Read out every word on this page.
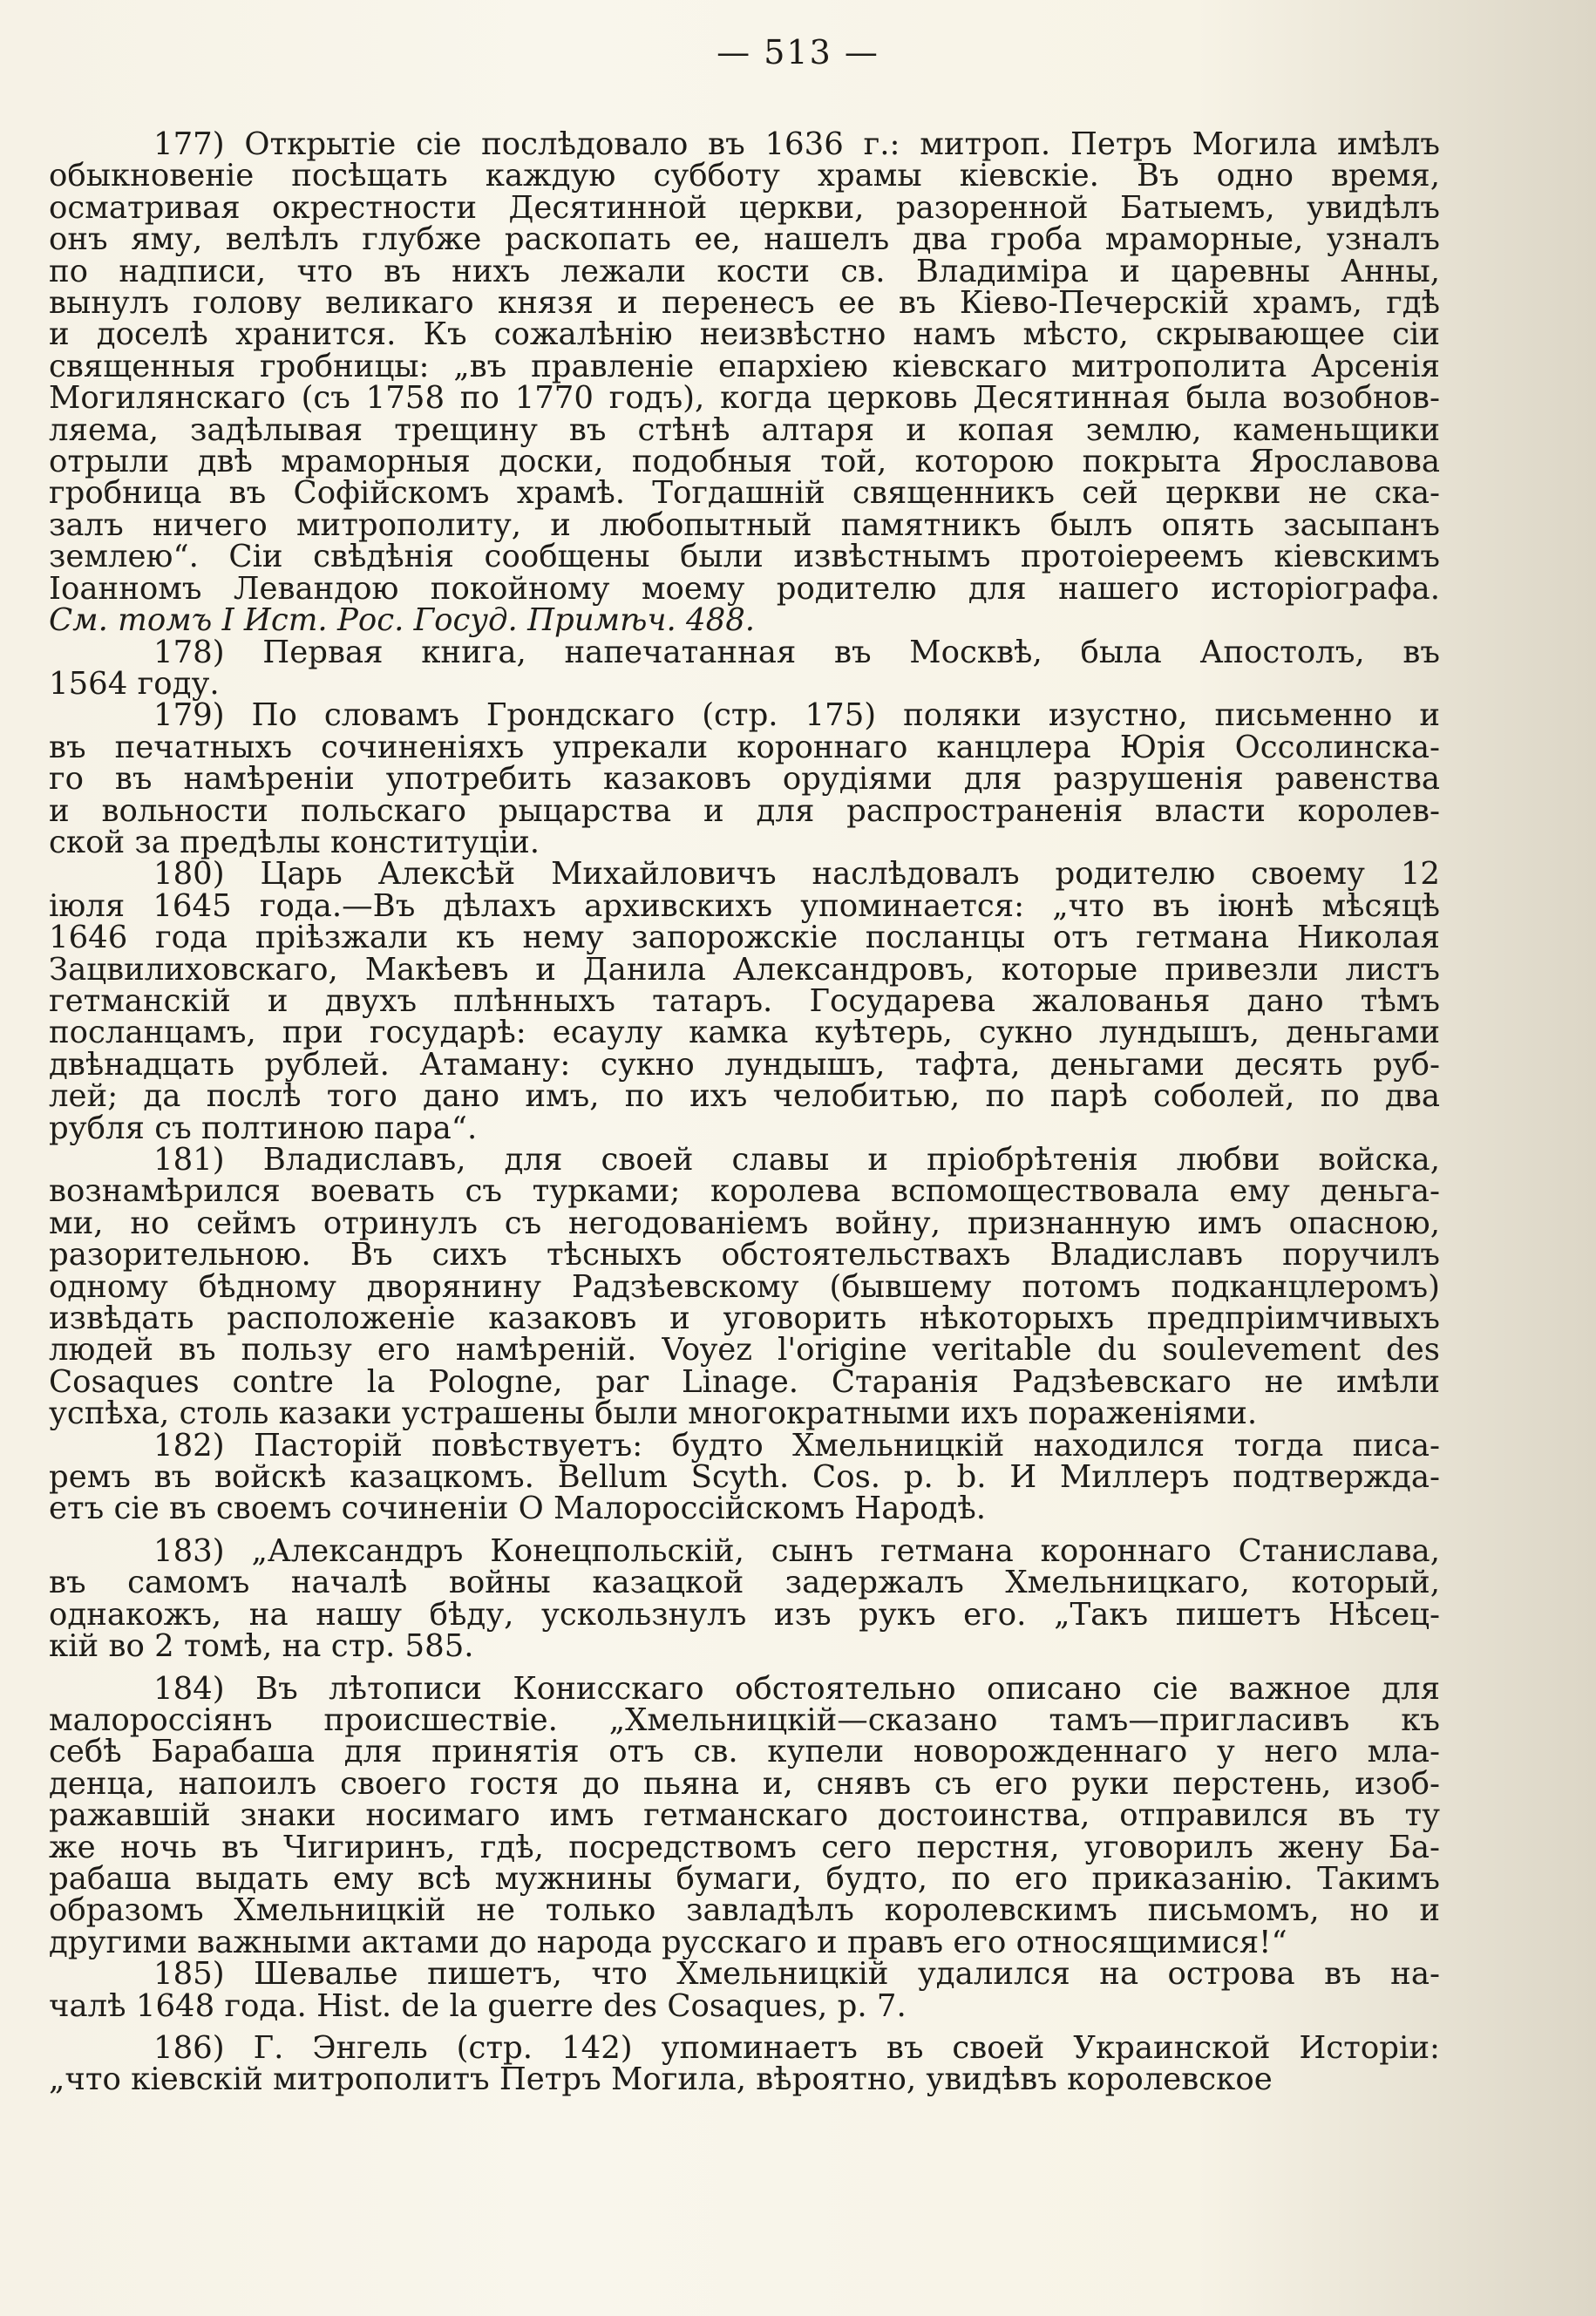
— 513 —
177) Открытіе сіе послѣдовало въ 1636 г.: митроп. Петръ Могила имѣлъ
обыкновеніе посѣщать каждую субботу храмы кіевскіе. Въ одно время,
осматривая окрестности Десятинной церкви, разоренной Батыемъ, увидѣлъ
онъ яму, велѣлъ глубже раскопать ее, нашелъ два гроба мраморные, узналъ
по надписи, что въ нихъ лежали кости св. Владиміра и царевны Анны,
вынулъ голову великаго князя и перенесъ ее въ Кіево-Печерскій храмъ, гдѣ
и доселѣ хранится. Къ сожалѣнію неизвѣстно намъ мѣсто, скрывающее сіи
священныя гробницы: „въ правленіе епархіею кіевскаго митрополита Арсенія
Могилянскаго (съ 1758 по 1770 годъ), когда церковь Десятинная была возобнов-
ляема, задѣлывая трещину въ стѣнѣ алтаря и копая землю, каменьщики
отрыли двѣ мраморныя доски, подобныя той, которою покрыта Ярославова
гробница въ Софійскомъ храмѣ. Тогдашній священникъ сей церкви не ска-
залъ ничего митрополиту, и любопытный памятникъ былъ опять засыпанъ
землею“. Сіи свѣдѣнія сообщены были извѣстнымъ протоіереемъ кіевскимъ
Іоанномъ Левандою покойному моему родителю для нашего исторіографа.
См. томъ I Ист. Рос. Госуд. Примѣч. 488.
178) Первая книга, напечатанная въ Москвѣ, была Апостолъ, въ
1564 году.
179) По словамъ Грондскаго (стр. 175) поляки изустно, письменно и
въ печатныхъ сочиненіяхъ упрекали короннаго канцлера Юрія Оссолинска-
го въ намѣреніи употребить казаковъ орудіями для разрушенія равенства
и вольности польскаго рыцарства и для распространенія власти королев-
ской за предѣлы конституціи.
180) Царь Алексѣй Михайловичъ наслѣдовалъ родителю своему 12
іюля 1645 года.—Въ дѣлахъ архивскихъ упоминается: „что въ іюнѣ мѣсяцѣ
1646 года пріѣзжали къ нему запорожскіе посланцы отъ гетмана Николая
Зацвилиховскаго, Макѣевъ и Данила Александровъ, которые привезли листъ
гетманскій и двухъ плѣнныхъ татаръ. Государева жалованья дано тѣмъ
посланцамъ, при государѣ: есаулу камка куѣтерь, сукно лундышъ, деньгами
двѣнадцать рублей. Атаману: сукно лундышъ, тафта, деньгами десять руб-
лей; да послѣ того дано имъ, по ихъ челобитью, по парѣ соболей, по два
рубля съ полтиною пара“.
181) Владиславъ, для своей славы и пріобрѣтенія любви войска,
вознамѣрился воевать съ турками; королева вспомоществовала ему деньга-
ми, но сеймъ отринулъ съ негодованіемъ войну, признанную имъ опасною,
разорительною. Въ сихъ тѣсныхъ обстоятельствахъ Владиславъ поручилъ
одному бѣдному дворянину Радзѣевскому (бывшему потомъ подканцлеромъ)
извѣдать расположеніе казаковъ и уговорить нѣкоторыхъ предпріимчивыхъ
людей въ пользу его намѣреній. Voyez l'origine veritable du soulevement des
Cosaques contre la Pologne, par Linage. Старанія Радзѣевскаго не имѣли
успѣха, столь казаки устрашены были многократными ихъ пораженіями.
182) Пасторій повѣствуетъ: будто Хмельницкій находился тогда писа-
ремъ въ войскѣ казацкомъ. Bellum Scyth. Cos. p. b. И Миллеръ подтвержда-
етъ сіе въ своемъ сочиненіи О Малороссійскомъ Народѣ.
183) „Александръ Конецпольскій, сынъ гетмана короннаго Станислава,
въ самомъ началѣ войны казацкой задержалъ Хмельницкаго, который,
однакожъ, на нашу бѣду, ускользнулъ изъ рукъ его. „Такъ пишетъ Нѣсец-
кій во 2 томѣ, на стр. 585.
184) Въ лѣтописи Конисскаго обстоятельно описано сіе важное для
малороссіянъ происшествіе. „Хмельницкій—сказано тамъ—пригласивъ къ
себѣ Барабаша для принятія отъ св. купели новорожденнаго у него мла-
денца, напоилъ своего гостя до пьяна и, снявъ съ его руки перстень, изоб-
ражавшій знаки носимаго имъ гетманскаго достоинства, отправился въ ту
же ночь въ Чигиринъ, гдѣ, посредствомъ сего перстня, уговорилъ жену Ба-
рабаша выдать ему всѣ мужнины бумаги, будто, по его приказанію. Такимъ
образомъ Хмельницкій не только завладѣлъ королевскимъ письмомъ, но и
другими важными актами до народа русскаго и правъ его относящимися!“
185) Шевалье пишетъ, что Хмельницкій удалился на острова въ на-
чалѣ 1648 года. Hist. de la guerre des Cosaques, p. 7.
186) Г. Энгель (стр. 142) упоминаетъ въ своей Украинской Исторіи:
„что кіевскій митрополитъ Петръ Могила, вѣроятно, увидѣвъ королевское
